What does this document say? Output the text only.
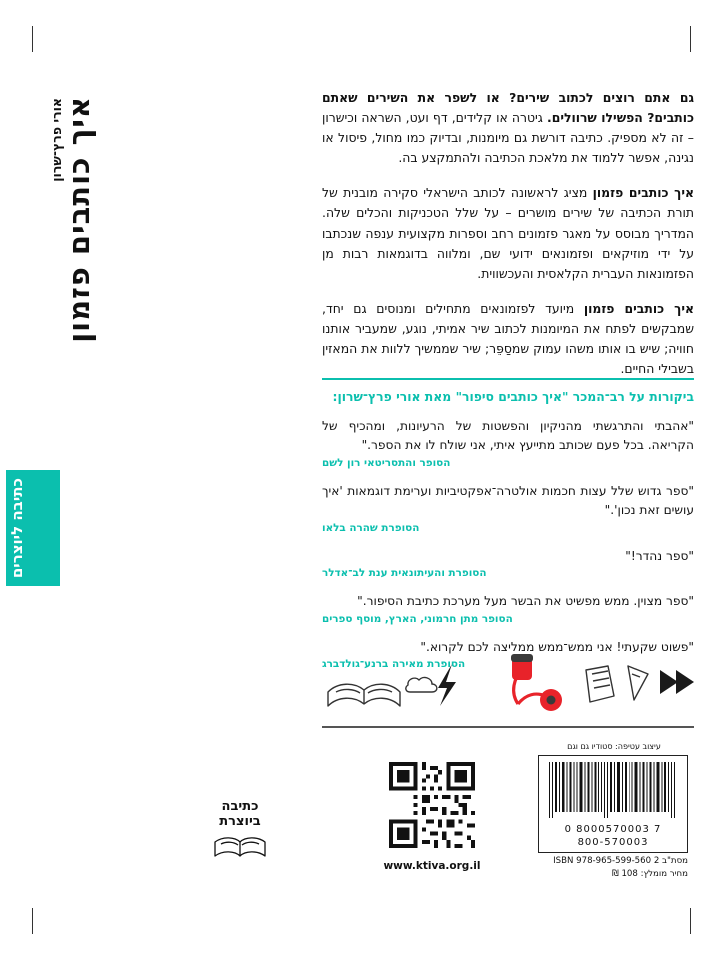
איך כותבים פזמון
אורי פרץ־שרון
כתיבה ליוצרים

גם אתם רוצים לכתוב שירים? או לשפר את השירים שאתם כותבים? הפשילו שרוולים. גיטרה או קלידים, דף ועט, השראה וכישרון – זה לא מספיק. כתיבה דורשת גם מיומנות, ובדיוק כמו מחול, פיסול או נגינה, אפשר ללמוד את מלאכת הכתיבה ולהתמקצע בה.

איך כותבים פזמון מציג לראשונה לכותב הישראלי סקירה מובנית של תורת הכתיבה של שירים מושרים – על שלל הטכניקות והכלים שלה. המדריך מבוסס על מאגר פזמונים רחב וספרות מקצועית ענפה שנכתבו על ידי מוזיקאים ופזמונאים ידועי שם, ומלווה בדוגמאות רבות מן הפזמונאות העברית הקלאסית והעכשווית.

איך כותבים פזמון מיועד לפזמונאים מתחילים ומנוסים גם יחד, שמבקשים לפתח את המיומנות לכתוב שיר אמיתי, נוגע, שמעביר אותנו חוויה; שיש בו אותו משהו עמוק שמסַפֵּר; שיר שממשיך ללוות את המאזין בשבילי החיים.

ביקורות על רב־המכר "איך כותבים סיפור" מאת אורי פרץ־שרון:

"אהבתי והתרגשתי מהניקיון והפשטות של הרעיונות, ומהכיף של הקריאה. בכל פעם שכותב מתייעץ איתי, אני שולח לו את הספר."

הסופר והתסריטאי רון לשם

"ספר גדוש שלל עצות חכמות אולטרה־אפקטיביות וערימת דוגמאות 'איך עושים זאת נכון'."

הסופרת שהרה בלאו

"ספר נהדר!"

הסופרת והעיתונאית ענת לב־אדלר

"ספר מצוין. ממש מפשיט את הבשר מעל מערכת כתיבת הסיפור."

הסופר מתן חרמוני, הארץ, מוסף ספרים

"פשוט שקעתי! אני ממש־ממש ממליצה לכם לקרוא."

הסופרת מאירה ברנע־גולדברג

www.ktiva.org.il
עיצוב עטיפה: סטודיו גם וגם
0 8000570003 7
800-570003
מסת"ב 2 ISBN 978-965-599-560
מחיר מומלץ: 108 ₪
כתיבה
ביוצרת
